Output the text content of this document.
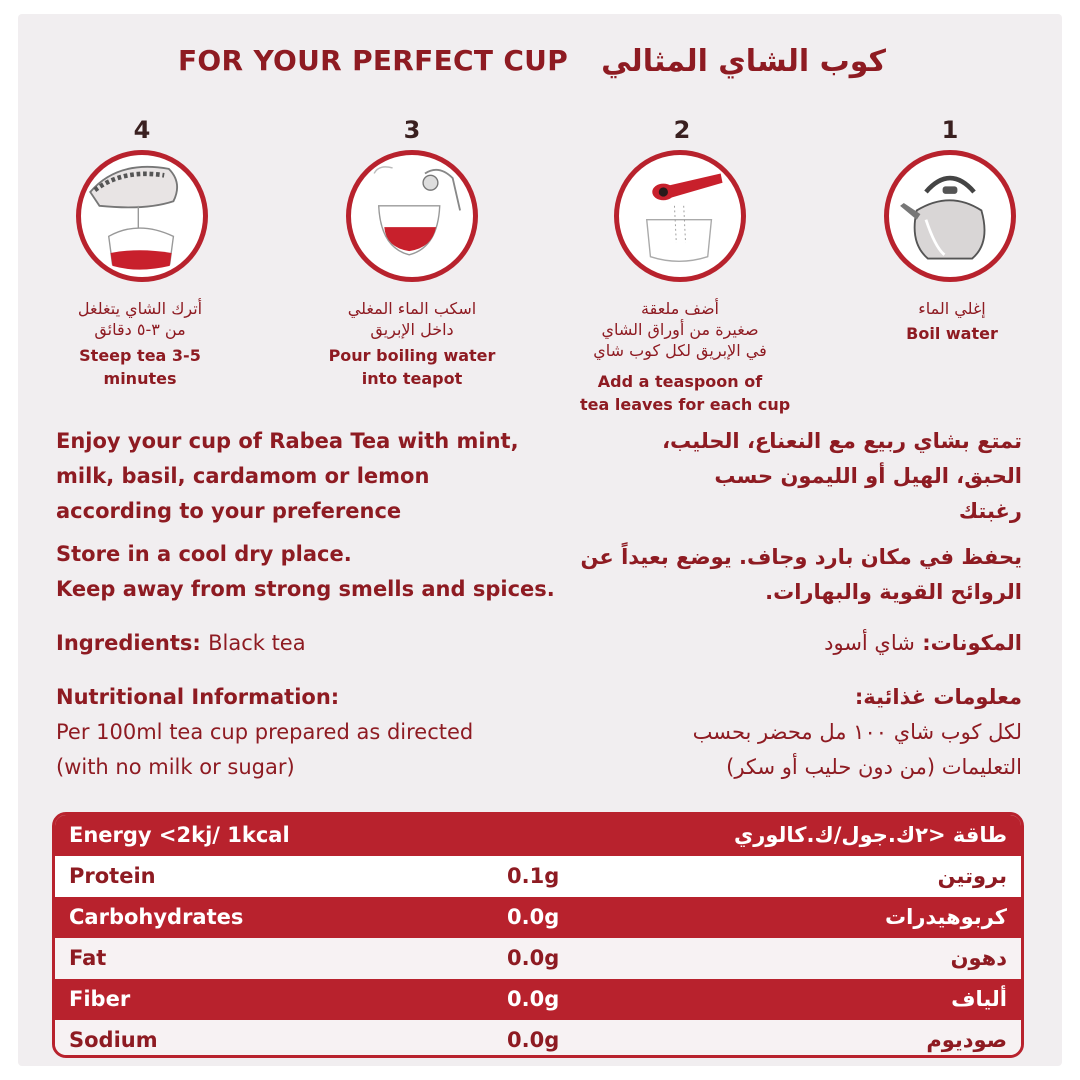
FOR YOUR PERFECT CUP كوب الشاي المثالي
4
أترك الشاي يتغلغل
من ٣-٥ دقائق
Steep tea 3-5
minutes
3
اسكب الماء المغلي
داخل الإبريق
Pour boiling water
into teapot
2
أضف ملعقة
صغيرة من أوراق الشاي
في الإبريق لكل كوب شاي
Add a teaspoon of
tea leaves for each cup
1
إغلي الماء
Boil water
Enjoy your cup of Rabea Tea with mint,
milk, basil, cardamom or lemon
according to your preference
تمتع بشاي ربيع مع النعناع، الحليب،
الحبق، الهيل أو الليمون حسب
رغبتك
Store in a cool dry place.
Keep away from strong smells and spices.
يحفظ في مكان بارد وجاف. يوضع بعيداً عن
الروائح القوية والبهارات.
Ingredients: Black tea	المكونات: شاي أسود
Nutritional Information:
Per 100ml tea cup prepared as directed
(with no milk or sugar)
معلومات غذائية:
لكل كوب شاي ١٠٠ مل محضر بحسب
التعليمات (من دون حليب أو سكر)
Energy <2kj/ 1kcal	طاقة <٢ك.جول/ك.كالوري
Protein	0.1g	بروتين
Carbohydrates	0.0g	كربوهيدرات
Fat	0.0g	دهون
Fiber	0.0g	ألياف
Sodium	0.0g	صوديوم
